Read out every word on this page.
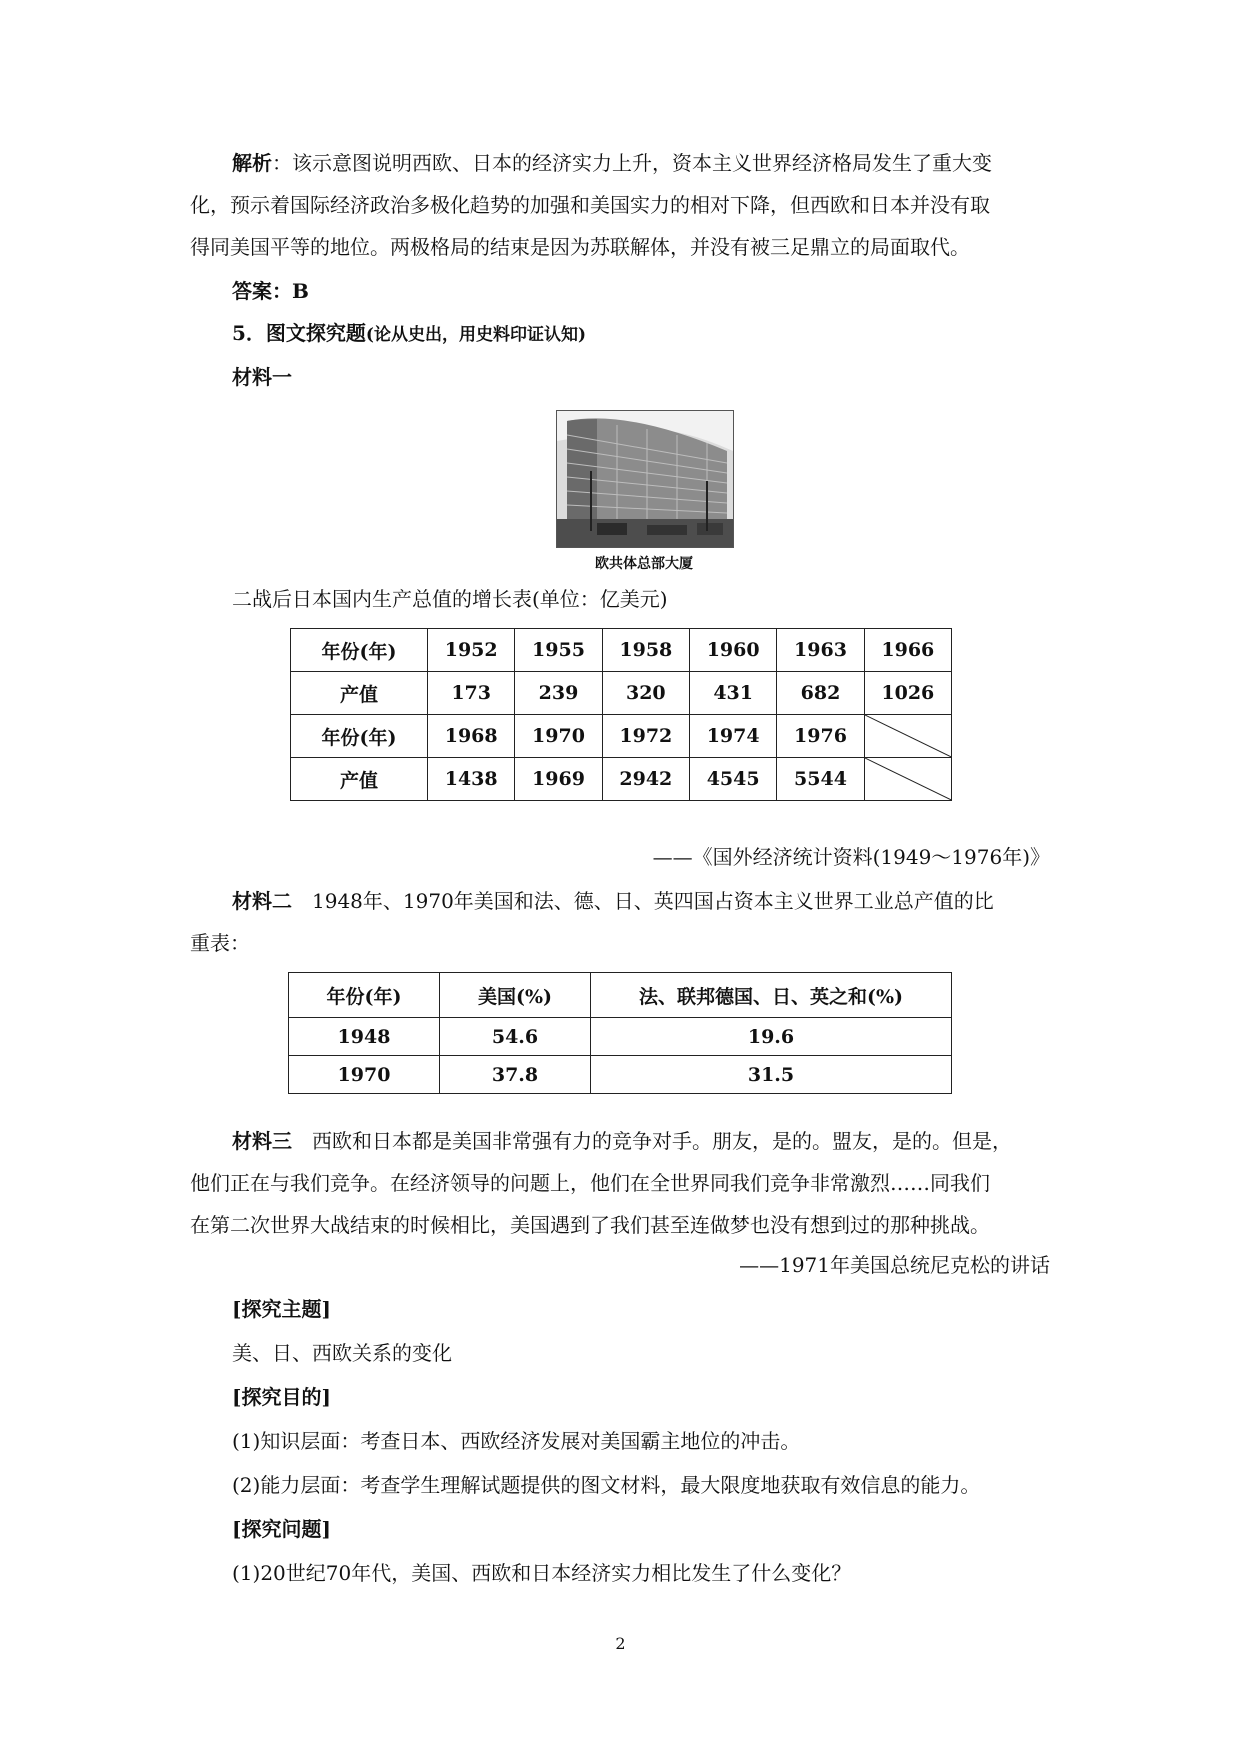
解析：该示意图说明西欧、日本的经济实力上升，资本主义世界经济格局发生了重大变

化，预示着国际经济政治多极化趋势的加强和美国实力的相对下降，但西欧和日本并没有取

得同美国平等的地位。两极格局的结束是因为苏联解体，并没有被三足鼎立的局面取代。

答案：B

5．图文探究题(论从史出，用史料印证认知)

材料一

欧共体总部大厦

二战后日本国内生产总值的增长表(单位：亿美元)

年份(年)	1952	1955	1958	1960	1963	1966
产值	173	239	320	431	682	1026
年份(年)	1968	1970	1972	1974	1976	

产值	1438	1969	2942	4545	5544	

——《国外经济统计资料(1949～1976年)》

材料二　1948年、1970年美国和法、德、日、英四国占资本主义世界工业总产值的比

重表：

年份(年)	美国(%)	法、联邦德国、日、英之和(%)
1948	54.6	19.6
1970	37.8	31.5

材料三　西欧和日本都是美国非常强有力的竞争对手。朋友，是的。盟友，是的。但是，

他们正在与我们竞争。在经济领导的问题上，他们在全世界同我们竞争非常激烈……同我们

在第二次世界大战结束的时候相比，美国遇到了我们甚至连做梦也没有想到过的那种挑战。

——1971年美国总统尼克松的讲话

[探究主题]

美、日、西欧关系的变化

[探究目的]

(1)知识层面：考查日本、西欧经济发展对美国霸主地位的冲击。

(2)能力层面：考查学生理解试题提供的图文材料，最大限度地获取有效信息的能力。

[探究问题]

(1)20世纪70年代，美国、西欧和日本经济实力相比发生了什么变化？

2
